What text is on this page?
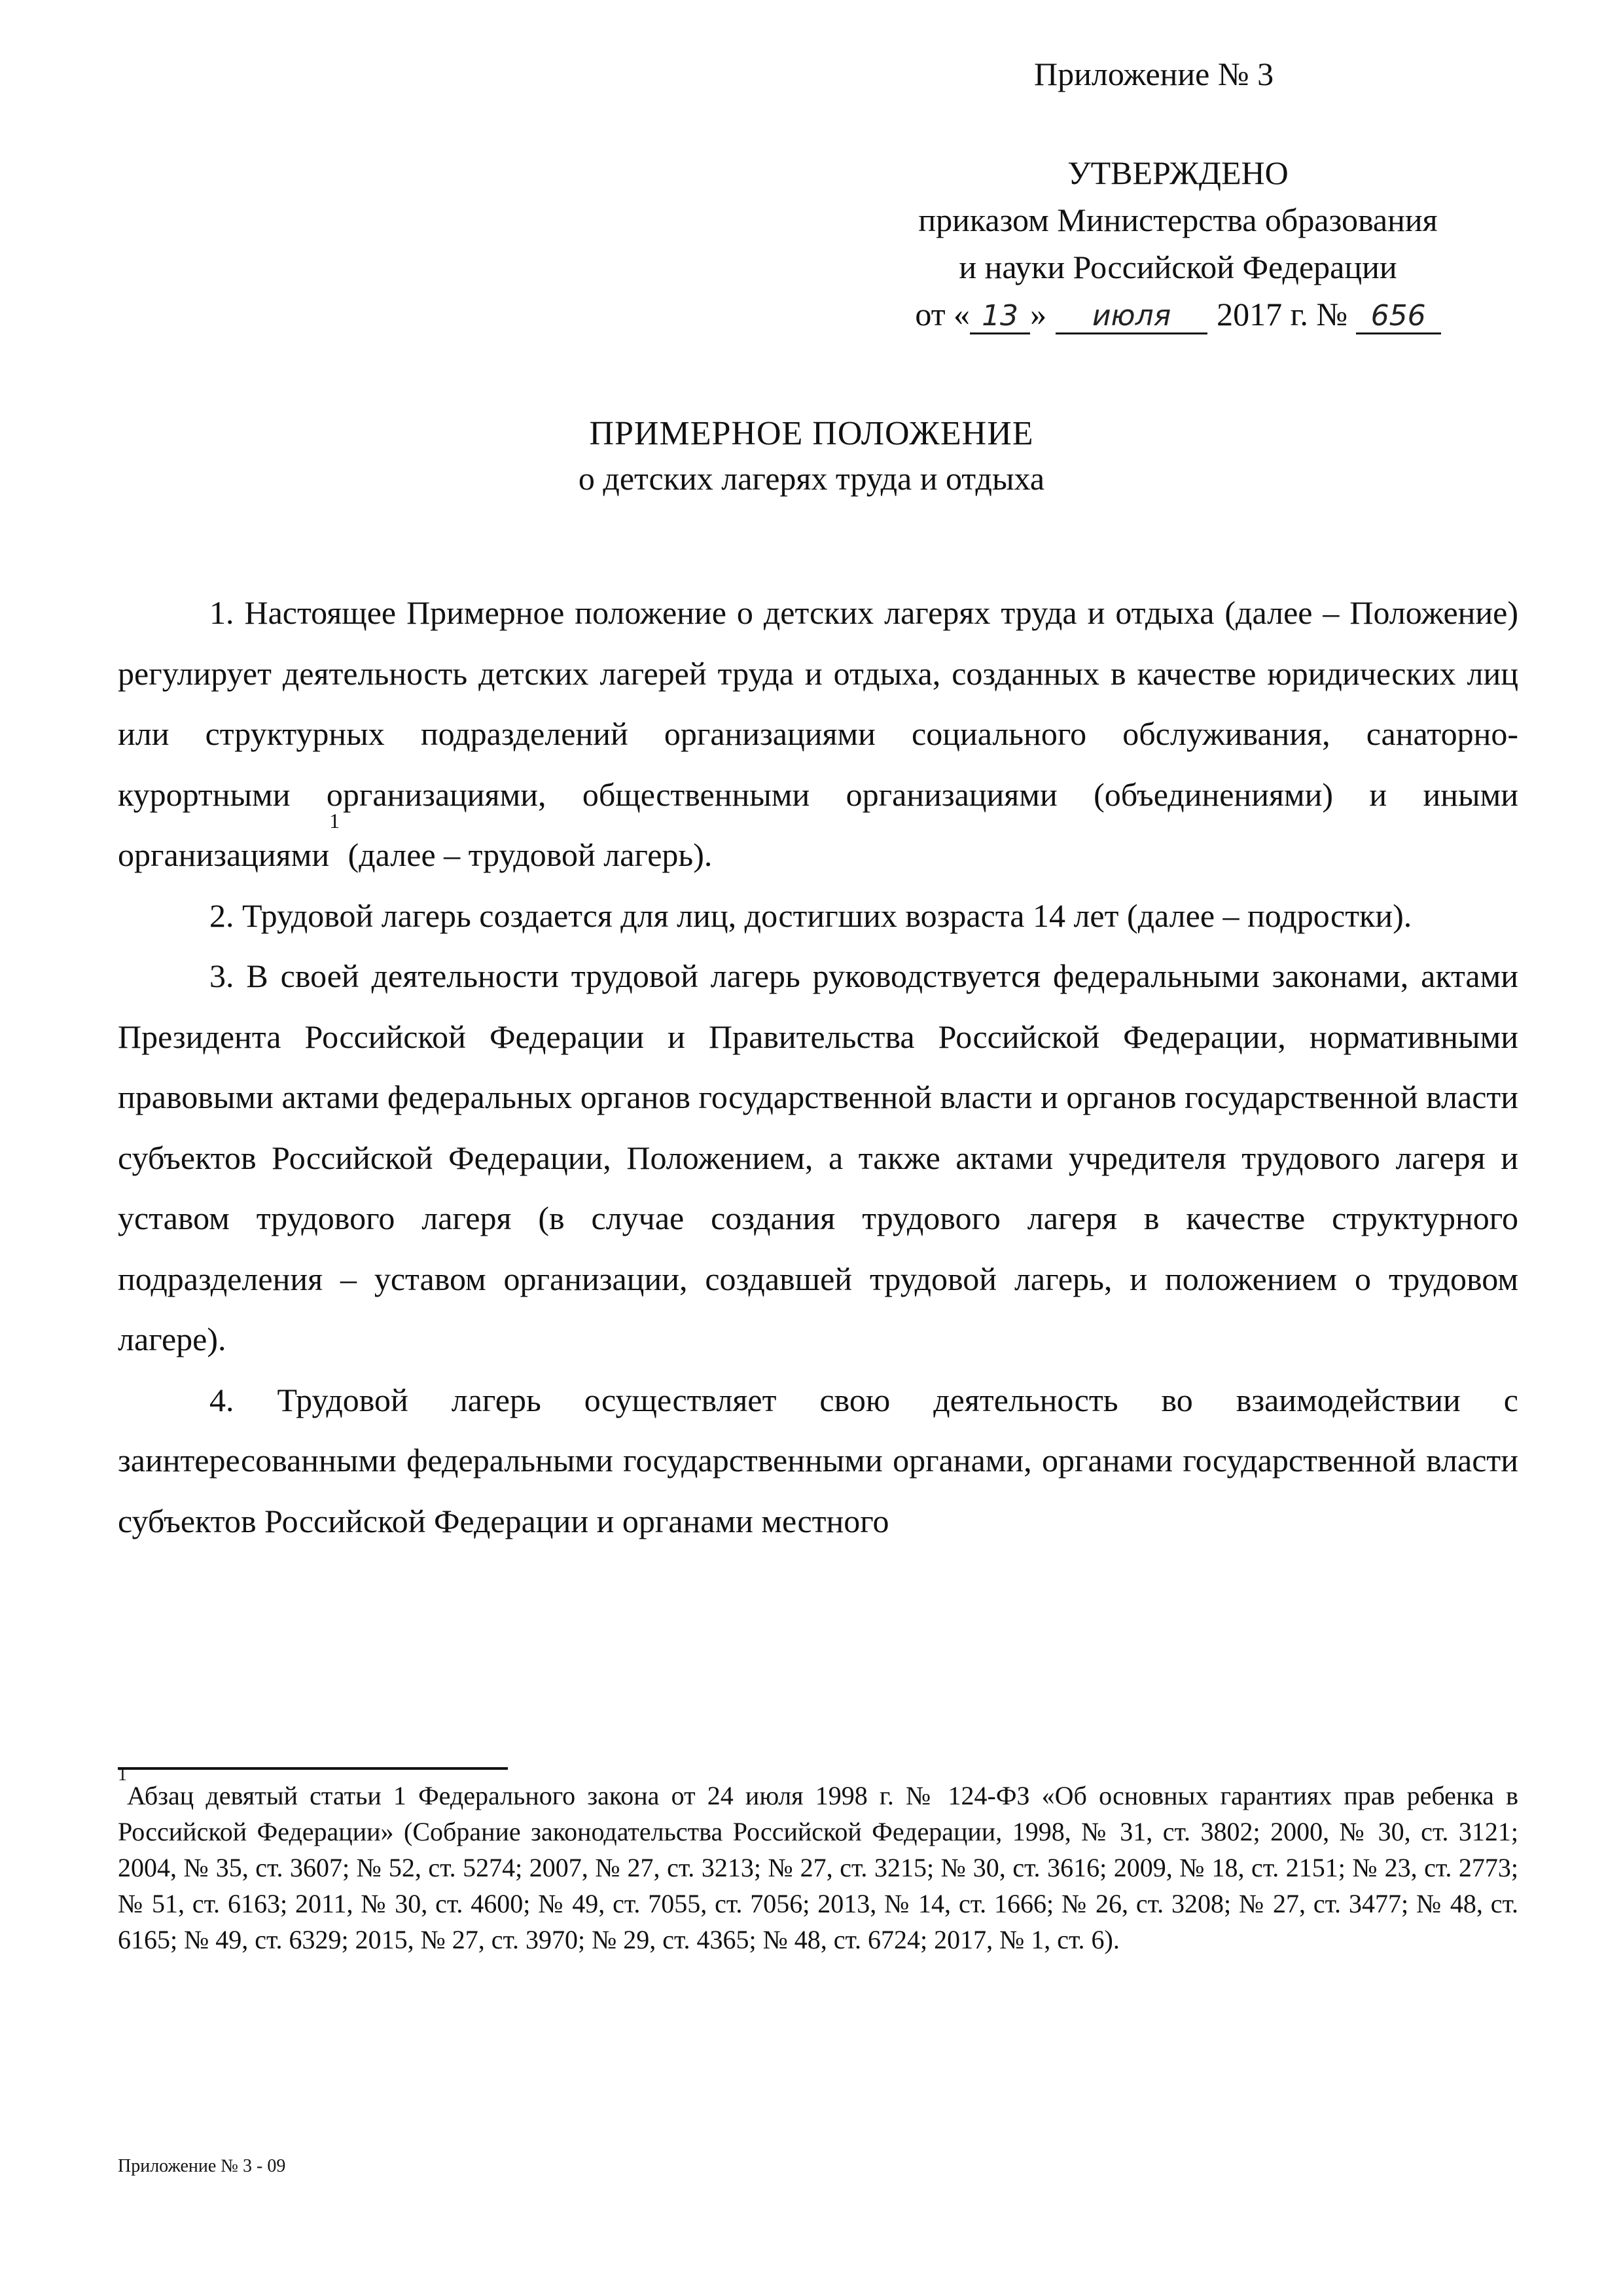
Приложение № 3
УТВЕРЖДЕНО
приказом Министерства образования
и науки Российской Федерации
от « 13 » июля 2017 г. № 656
ПРИМЕРНОЕ ПОЛОЖЕНИЕ
о детских лагерях труда и отдыха

1. Настоящее Примерное положение о детских лагерях труда и отдыха (далее – Положение) регулирует деятельность детских лагерей труда и отдыха, созданных в качестве юридических лиц или структурных подразделений организациями социального обслуживания, санаторно-курортными организациями, общественными организациями (объединениями) и иными организациями$^1$ (далее – трудовой лагерь).

2. Трудовой лагерь создается для лиц, достигших возраста 14 лет (далее – подростки).

3. В своей деятельности трудовой лагерь руководствуется федеральными законами, актами Президента Российской Федерации и Правительства Российской Федерации, нормативными правовыми актами федеральных органов государственной власти и органов государственной власти субъектов Российской Федерации, Положением, а также актами учредителя трудового лагеря и уставом трудового лагеря (в случае создания трудового лагеря в качестве структурного подразделения – уставом организации, создавшей трудовой лагерь, и положением о трудовом лагере).

4. Трудовой лагерь осуществляет свою деятельность во взаимодействии с заинтересованными федеральными государственными органами, органами государственной власти субъектов Российской Федерации и органами местного

$^1$Абзац девятый статьи 1 Федерального закона от 24 июля 1998 г. № 124-ФЗ «Об основных гарантиях прав ребенка в Российской Федерации» (Собрание законодательства Российской Федерации, 1998, № 31, ст. 3802; 2000, № 30, ст. 3121; 2004, № 35, ст. 3607; № 52, ст. 5274; 2007, № 27, ст. 3213; № 27, ст. 3215; № 30, ст. 3616; 2009, № 18, ст. 2151; № 23, ст. 2773; № 51, ст. 6163; 2011, № 30, ст. 4600; № 49, ст. 7055, ст. 7056; 2013, № 14, ст. 1666; № 26, ст. 3208; № 27, ст. 3477; № 48, ст. 6165; № 49, ст. 6329; 2015, № 27, ст. 3970; № 29, ст. 4365; № 48, ст. 6724; 2017, № 1, ст. 6).

Приложение № 3 - 09
